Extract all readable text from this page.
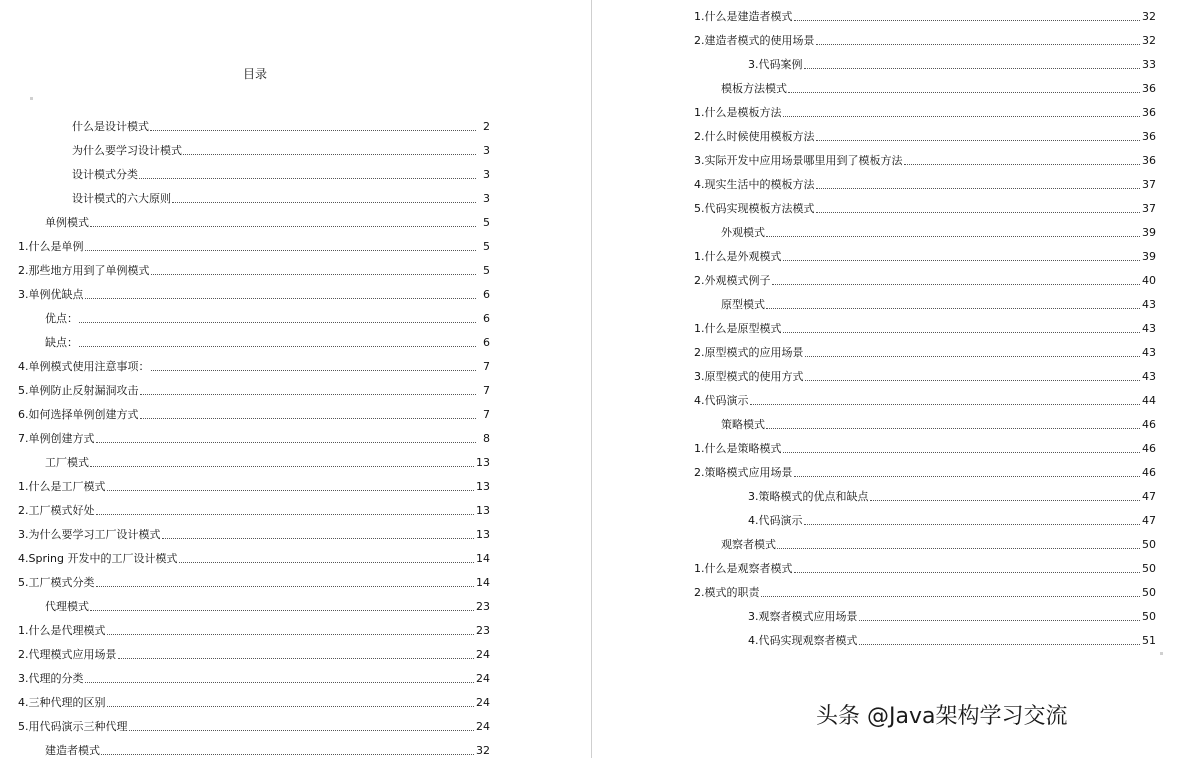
目录
什么是设计模式	2
为什么要学习设计模式	3
设计模式分类	3
设计模式的六大原则	3
单例模式	5
1.什么是单例	5
2.那些地方用到了单例模式	5
3.单例优缺点	6
优点：	6
缺点：	6
4.单例模式使用注意事项：	7
5.单例防止反射漏洞攻击	7
6.如何选择单例创建方式	7
7.单例创建方式	8
工厂模式	13
1.什么是工厂模式	13
2.工厂模式好处	13
3.为什么要学习工厂设计模式	13
4.Spring 开发中的工厂设计模式	14
5.工厂模式分类	14
代理模式	23
1.什么是代理模式	23
2.代理模式应用场景	24
3.代理的分类	24
4.三种代理的区别	24
5.用代码演示三种代理	24
建造者模式	32
1.什么是建造者模式	32
2.建造者模式的使用场景	32
3.代码案例	33
模板方法模式	36
1.什么是模板方法	36
2.什么时候使用模板方法	36
3.实际开发中应用场景哪里用到了模板方法	36
4.现实生活中的模板方法	37
5.代码实现模板方法模式	37
外观模式	39
1.什么是外观模式	39
2.外观模式例子	40
原型模式	43
1.什么是原型模式	43
2.原型模式的应用场景	43
3.原型模式的使用方式	43
4.代码演示	44
策略模式	46
1.什么是策略模式	46
2.策略模式应用场景	46
3.策略模式的优点和缺点	47
4.代码演示	47
观察者模式	50
1.什么是观察者模式	50
2.模式的职责	50
3.观察者模式应用场景	50
4.代码实现观察者模式	51
头条 @Java架构学习交流
